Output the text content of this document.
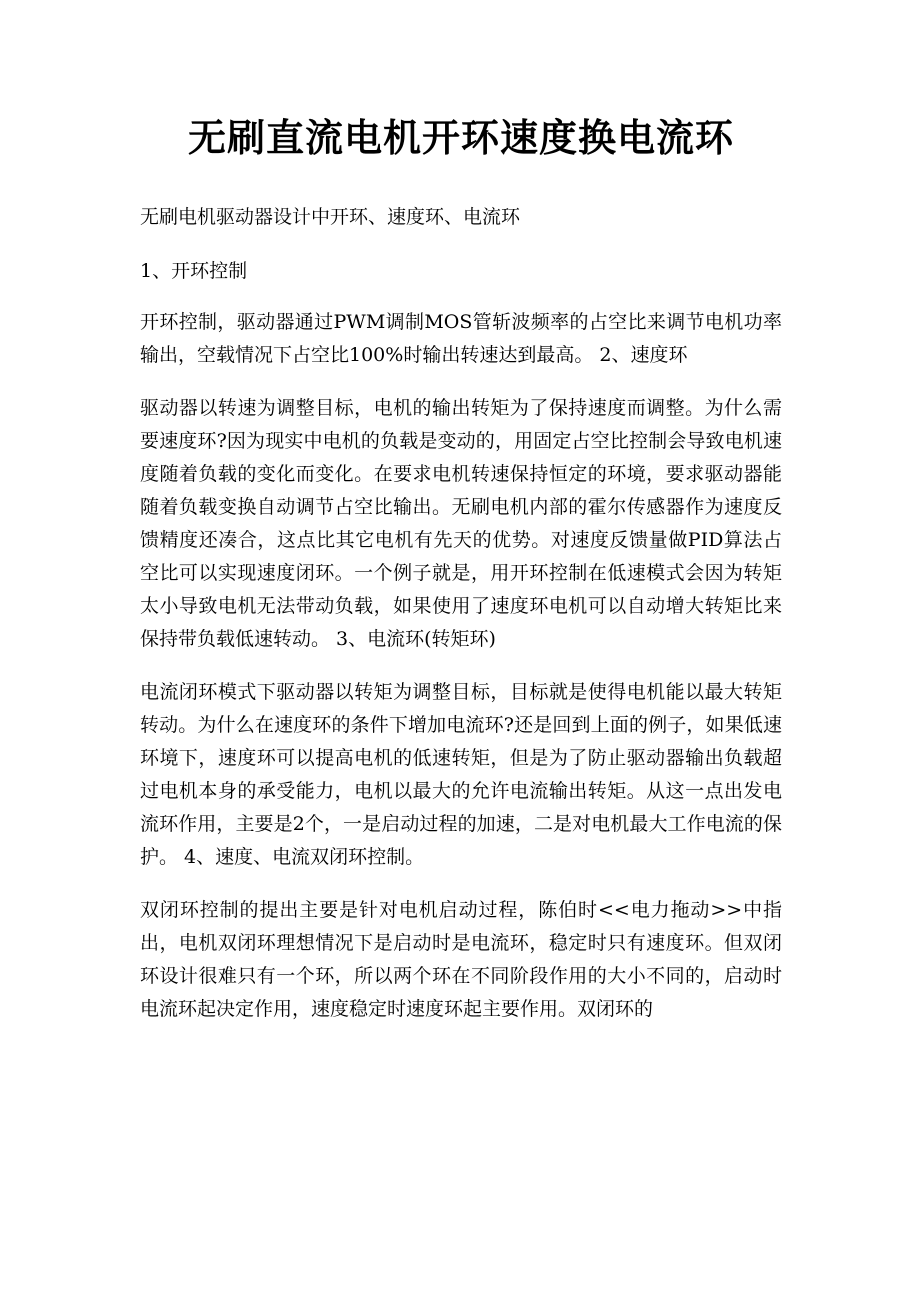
无刷直流电机开环速度换电流环

无刷电机驱动器设计中开环、速度环、电流环

1、开环控制

开环控制，驱动器通过PWM调制MOS管斩波频率的占空比来调节电机功率输出，空载情况下占空比100%时输出转速达到最高。 2、速度环

驱动器以转速为调整目标，电机的输出转矩为了保持速度而调整。为什么需要速度环?因为现实中电机的负载是变动的，用固定占空比控制会导致电机速度随着负载的变化而变化。在要求电机转速保持恒定的环境，要求驱动器能随着负载变换自动调节占空比输出。无刷电机内部的霍尔传感器作为速度反馈精度还凑合，这点比其它电机有先天的优势。对速度反馈量做PID算法占空比可以实现速度闭环。一个例子就是，用开环控制在低速模式会因为转矩太小导致电机无法带动负载，如果使用了速度环电机可以自动增大转矩比来保持带负载低速转动。 3、电流环(转矩环)

电流闭环模式下驱动器以转矩为调整目标，目标就是使得电机能以最大转矩转动。为什么在速度环的条件下增加电流环?还是回到上面的例子，如果低速环境下，速度环可以提高电机的低速转矩，但是为了防止驱动器输出负载超过电机本身的承受能力，电机以最大的允许电流输出转矩。从这一点出发电流环作用，主要是2个，一是启动过程的加速，二是对电机最大工作电流的保护。 4、速度、电流双闭环控制。

双闭环控制的提出主要是针对电机启动过程，陈伯时<<电力拖动>>中指出，电机双闭环理想情况下是启动时是电流环，稳定时只有速度环。但双闭环设计很难只有一个环，所以两个环在不同阶段作用的大小不同的，启动时电流环起决定作用，速度稳定时速度环起主要作用。双闭环的
